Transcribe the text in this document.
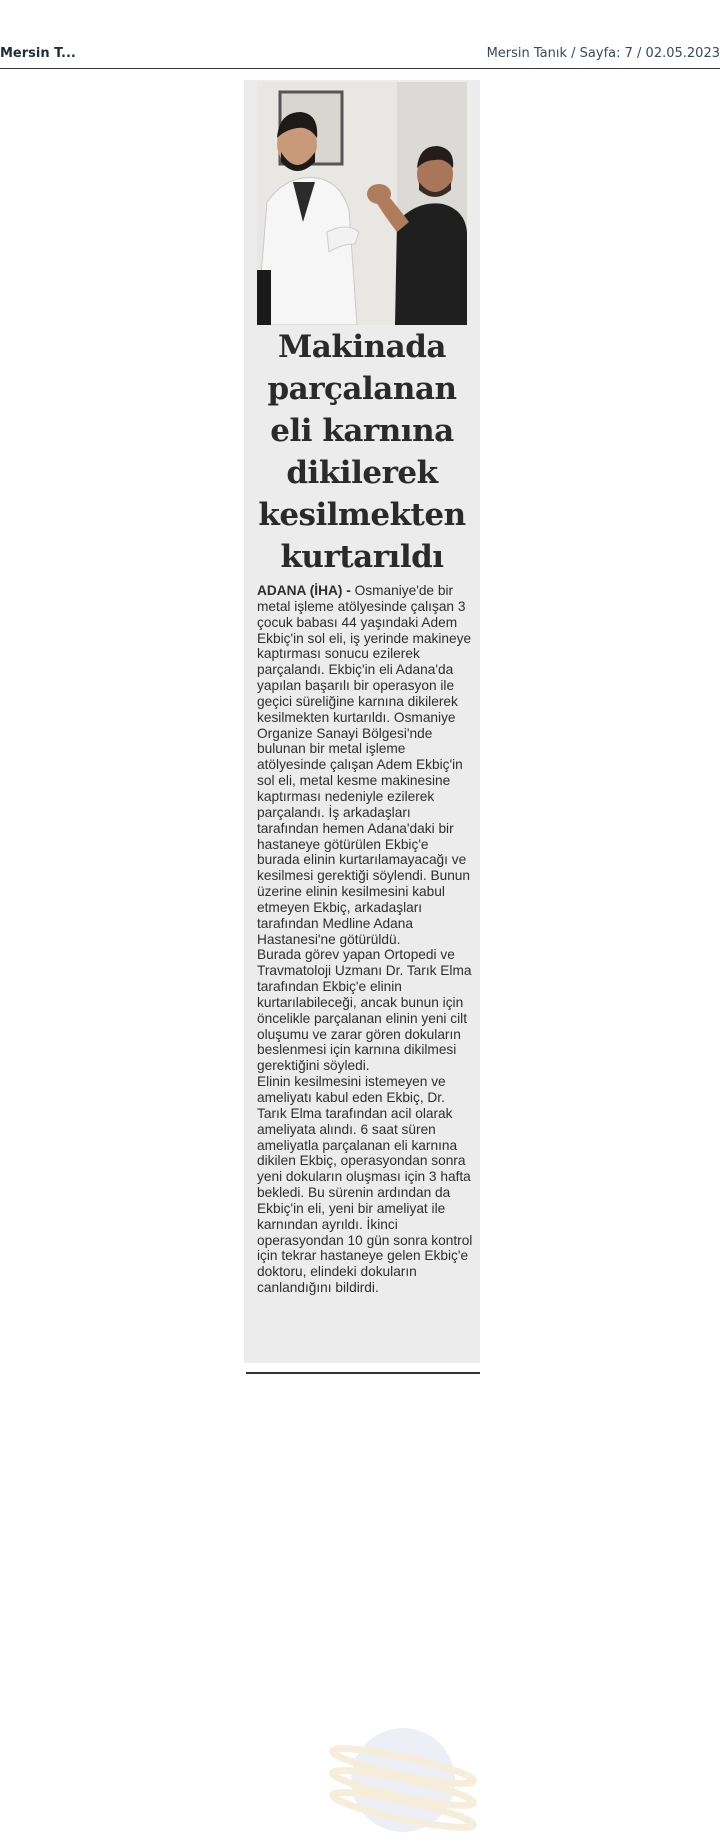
Mersin T...	Mersin Tanık / Sayfa: 7 / 02.05.2023
Makinada parçalanan eli karnına dikilerek kesilmekten kurtarıldı

ADANA (İHA) - Osmaniye'de bir metal işleme atölyesinde çalışan 3 çocuk babası 44 yaşındaki Adem Ekbiç'in sol eli, iş yerinde makineye kaptırması sonucu ezilerek parçalandı. Ekbiç'in eli Adana'da yapılan başarılı bir operasyon ile geçici süreliğine karnına dikilerek kesilmekten kurtarıldı. Osmaniye Organize Sanayi Bölgesi'nde bulunan bir metal işleme atölyesinde çalışan Adem Ekbiç'in sol eli, metal kesme makinesine kaptırması nedeniyle ezilerek parçalandı. İş arkadaşları tarafından hemen Adana'daki bir hastaneye götürülen Ekbiç'e burada elinin kurtarılamayacağı ve kesilmesi gerektiği söylendi. Bunun üzerine elinin kesilmesini kabul etmeyen Ekbiç, arkadaşları tarafından Medline Adana Hastanesi'ne götürüldü.

Burada görev yapan Ortopedi ve Travmatoloji Uzmanı Dr. Tarık Elma tarafından Ekbiç'e elinin kurtarılabileceği, ancak bunun için öncelikle parçalanan elinin yeni cilt oluşumu ve zarar gören dokuların beslenmesi için karnına dikilmesi gerektiğini söyledi.

Elinin kesilmesini istemeyen ve ameliyatı kabul eden Ekbiç, Dr. Tarık Elma tarafından acil olarak ameliyata alındı. 6 saat süren ameliyatla parçalanan eli karnına dikilen Ekbiç, operasyondan sonra yeni dokuların oluşması için 3 hafta bekledi. Bu sürenin ardından da Ekbiç'in eli, yeni bir ameliyat ile karnından ayrıldı. İkinci operasyondan 10 gün sonra kontrol için tekrar hastaneye gelen Ekbiç'e doktoru, elindeki dokuların canlandığını bildirdi.
